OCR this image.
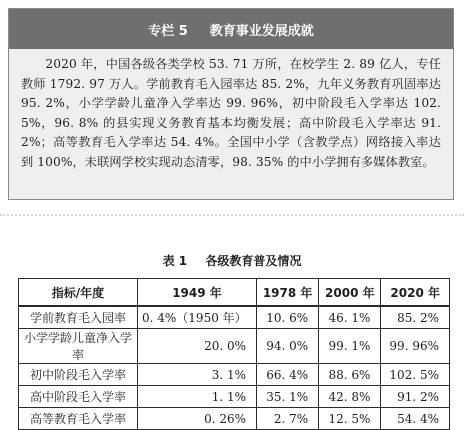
专栏 5 教育事业发展成就
2020 年，中国各级各类学校 53. 71 万所，在校学生 2. 89 亿人，专任教师 1792. 97 万人。学前教育毛入园率达 85. 2%，九年义务教育巩固率达 95. 2%，小学学龄儿童净入学率达 99. 96%，初中阶段毛入学率达 102. 5%，96. 8% 的县实现义务教育基本均衡发展；高中阶段毛入学率达 91. 2%；高等教育毛入学率达 54. 4%。全国中小学（含教学点）网络接入率达到 100%，未联网学校实现动态清零，98. 35% 的中小学拥有多媒体教室。
表 1 各级教育普及情况
指标/年度	1949 年	1978 年	2000 年	2020 年
学前教育毛入园率	0. 4%（1950 年）	10. 6%	46. 1%	85. 2%
小学学龄儿童净入学率	20. 0%	94. 0%	99. 1%	99. 96%
初中阶段毛入学率	3. 1%	66. 4%	88. 6%	102. 5%
高中阶段毛入学率	1. 1%	35. 1%	42. 8%	91. 2%
高等教育毛入学率	0. 26%	2. 7%	12. 5%	54. 4%
